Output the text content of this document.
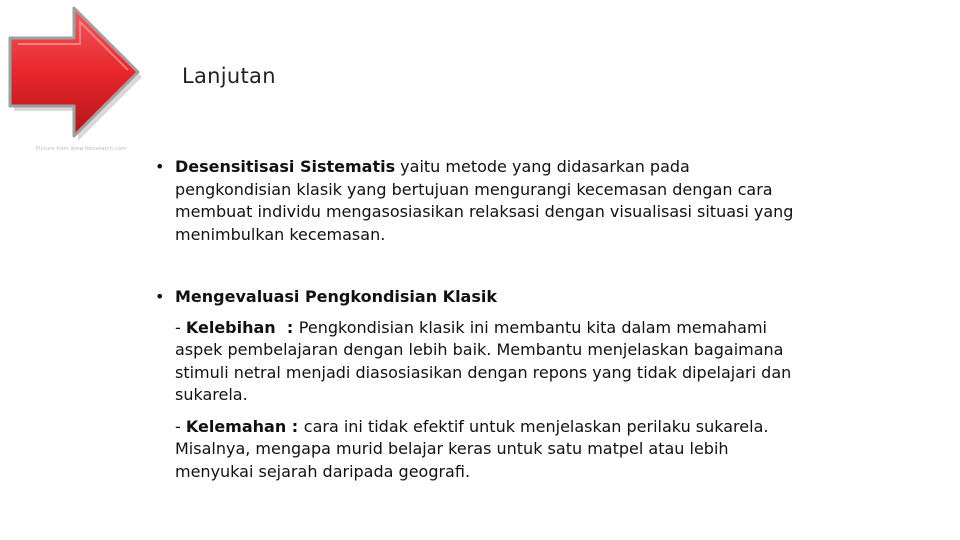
Picture from www.fotosearch.com
Lanjutan
• Desensitisasi Sistematis yaitu metode yang didasarkan pada pengkondisian klasik yang bertujuan mengurangi kecemasan dengan cara membuat individu mengasosiasikan relaksasi dengan visualisasi situasi yang menimbulkan kecemasan.
• Mengevaluasi Pengkondisian Klasik
- Kelebihan  : Pengkondisian klasik ini membantu kita dalam memahami aspek pembelajaran dengan lebih baik. Membantu menjelaskan bagaimana stimuli netral menjadi diasosiasikan dengan repons yang tidak dipelajari dan sukarela.
- Kelemahan : cara ini tidak efektif untuk menjelaskan perilaku sukarela. Misalnya, mengapa murid belajar keras untuk satu matpel atau lebih menyukai sejarah daripada geografi.
